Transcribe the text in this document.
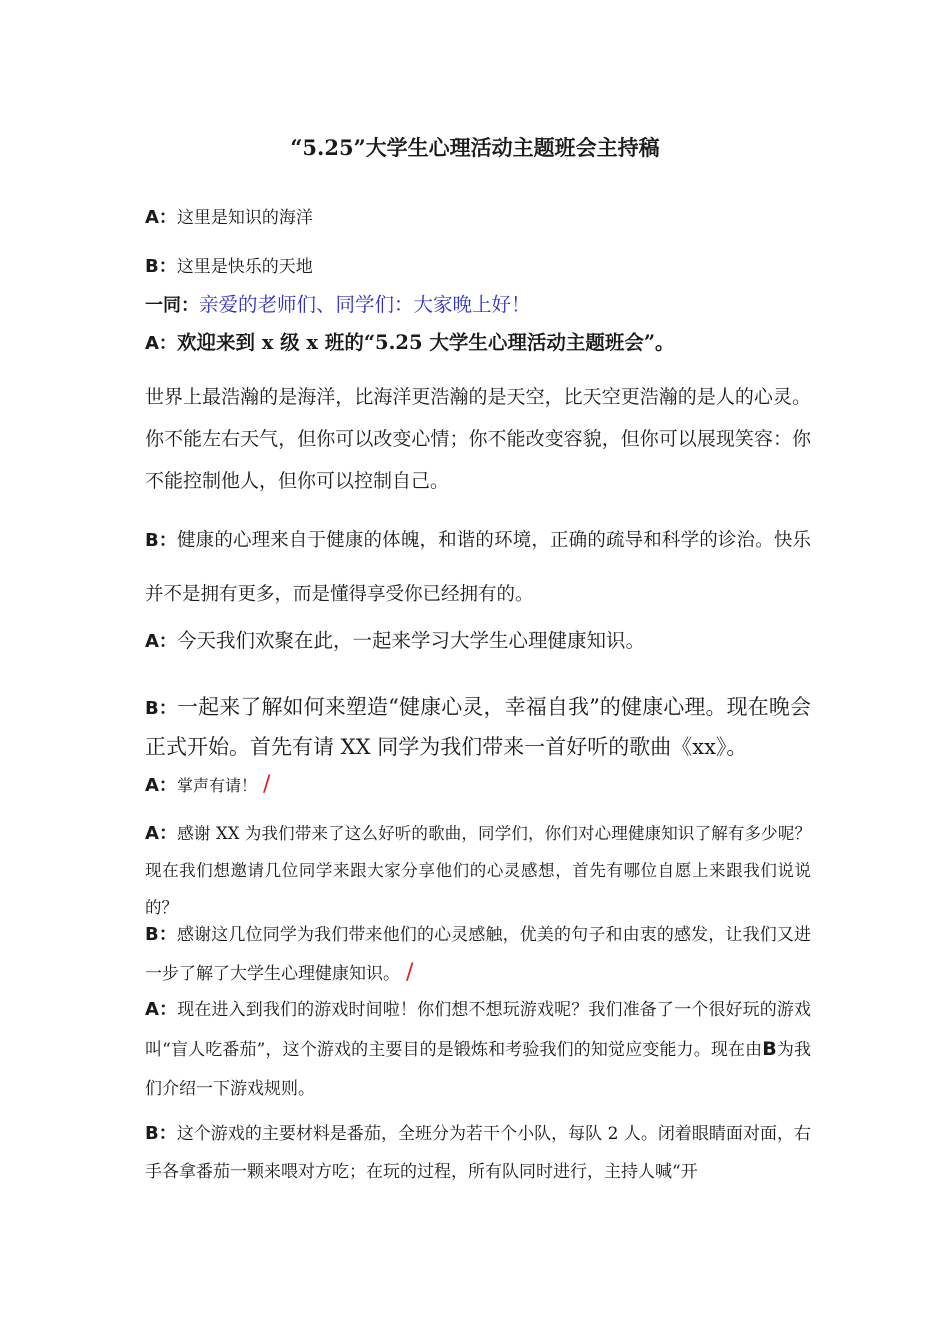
“5.25”大学生心理活动主题班会主持稿

A：这里是知识的海洋

B：这里是快乐的天地

一同：亲爱的老师们、同学们：大家晚上好！

A：欢迎来到 x 级 x 班的“5.25 大学生心理活动主题班会”。

世界上最浩瀚的是海洋，比海洋更浩瀚的是天空，比天空更浩瀚的是人的心灵。你不能左右天气，但你可以改变心情；你不能改变容貌，但你可以展现笑容：你不能控制他人，但你可以控制自己。

B：健康的心理来自于健康的体魄，和谐的环境，正确的疏导和科学的诊治。快乐并不是拥有更多，而是懂得享受你已经拥有的。

A：今天我们欢聚在此，一起来学习大学生心理健康知识。

B：一起来了解如何来塑造“健康心灵，幸福自我”的健康心理。现在晚会正式开始。首先有请 XX 同学为我们带来一首好听的歌曲《xx》。

A：掌声有请！ /

A：感谢 XX 为我们带来了这么好听的歌曲，同学们，你们对心理健康知识了解有多少呢？现在我们想邀请几位同学来跟大家分享他们的心灵感想，首先有哪位自愿上来跟我们说说的？

B：感谢这几位同学为我们带来他们的心灵感触，优美的句子和由衷的感发，让我们又进一步了解了大学生心理健康知识。 /

A：现在进入到我们的游戏时间啦！你们想不想玩游戏呢？我们准备了一个很好玩的游戏叫“盲人吃番茄”，这个游戏的主要目的是锻炼和考验我们的知觉应变能力。现在由B为我们介绍一下游戏规则。

B：这个游戏的主要材料是番茄，全班分为若干个小队，每队 2 人。闭着眼睛面对面，右手各拿番茄一颗来喂对方吃；在玩的过程，所有队同时进行，主持人喊“开
